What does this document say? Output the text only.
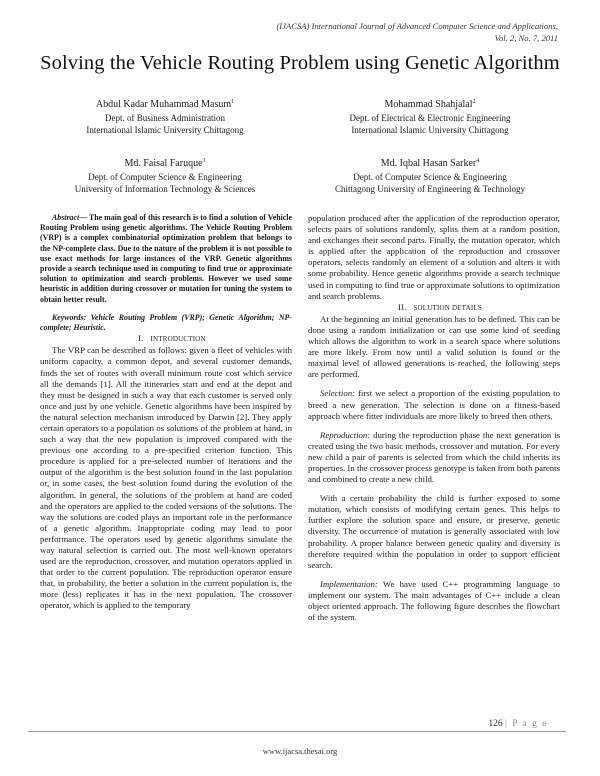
(IJACSA) International Journal of Advanced Computer Science and Applications,
Vol. 2, No. 7, 2011
Solving the Vehicle Routing Problem using Genetic Algorithm
Abdul Kadar Muhammad Masum$^1$
Dept. of Business Administration
International Islamic University Chittagong
Mohammad Shahjalal$^2$
Dept. of Electrical & Electronic Engineering
International Islamic University Chittagong
Md. Faisal Faruque$^3$
Dept. of Computer Science & Engineering
University of Information Technology & Sciences
Md. Iqbal Hasan Sarker$^4$
Dept. of Computer Science & Engineering
Chittagong University of Engineering & Technology

Abstract— The main goal of this research is to find a solution of Vehicle Routing Problem using genetic algorithms. The Vehicle Routing Problem (VRP) is a complex combinatorial optimization problem that belongs to the NP-complete class. Due to the nature of the problem it is not possible to use exact methods for large instances of the VRP. Genetic algorithms provide a search technique used in computing to find true or approximate solution to optimization and search problems. However we used some heuristic in addition during crossover or mutation for tuning the system to obtain better result.

Keywords: Vehicle Routing Problem (VRP); Genetic Algorithm; NP-complete; Heuristic.

I. INTRODUCTION

The VRP can be described as follows: given a fleet of vehicles with uniform capacity, a common depot, and several customer demands, finds the set of routes with overall minimum route cost which service all the demands [1]. All the itineraries start and end at the depot and they must be designed in such a way that each customer is served only once and just by one vehicle. Genetic algorithms have been inspired by the natural selection mechanism introduced by Darwin [2]. They apply certain operators to a population os solutions of the problem at hand, in such a way that the new population is improved compared with the previous one according to a pre-specified criterion function. This procedure is applied for a pre-selected number of iterations and the output of the algorithm is the best solution found in the last population or, in some cases, the best solution found during the evolution of the algorithm. In general, the solutions of the problem at hand are coded and the operators are applied to the coded versions of the solutions. The way the solutions are coded plays an important role in the performance of a genetic algorithm. Inappropriate coding may lead to poor performance. The operators used by genetic algorithms simulate the way natural selection is carried out. The most well-known operators used are the reproduction, crossover, and mutation operators applied in that order to the current population. The reproduction operator ensure that, in probability, the better a solution in the current population is, the more (less) replicates it has in the next population. The crossover operator, which is applied to the temporary

population produced after the application of the reproduction operator, selects pairs of solutions randomly, splits them at a random position, and exchanges their second parts. Finally, the mutation operator, which is applied after the application of the reproduction and crossover operators, selects randomly an element of a solution and alters it with some probability. Hence genetic algorithms provide a search technique used in computing to find true or approximate solutions to optimization and search problems.

II. SOLUTION DETAILS

At the beginning an initial generation has to be defined. This can be done using a random initialization or can use some kind of seeding which allows the algorithm to work in a search space where solutions are more likely. From now until a valid solution is found or the maximal level of allowed generations is reached, the following steps are performed.

Selection: first we select a proportion of the existing population to breed a new generation. The selection is done on a fitness-based approach where fitter individuals are more likely to breed then others.

Reproduction: during the reproduction phase the next generation is created using the two basic methods, crossover and mutation. For every new child a pair of parents is selected from which the child inherits its properties. In the crossover process genotype is taken from both parents and combined to create a new child.

With a certain probability the child is further exposed to some mutation, which consists of modifying certain genes. This helps to further explore the solution space and ensure, or preserve, genetic diversity. The occurrence of mutation is generally associated with low probability. A proper balance between genetic quality and diversity is therefore required within the population in order to support efficient search.

Implementation: We have used C++ programming language to implement our system. The main advantages of C++ include a clean object oriented approach. The following figure describes the flowchart of the system.

126 | P a g e
www.ijacsa.thesai.org
